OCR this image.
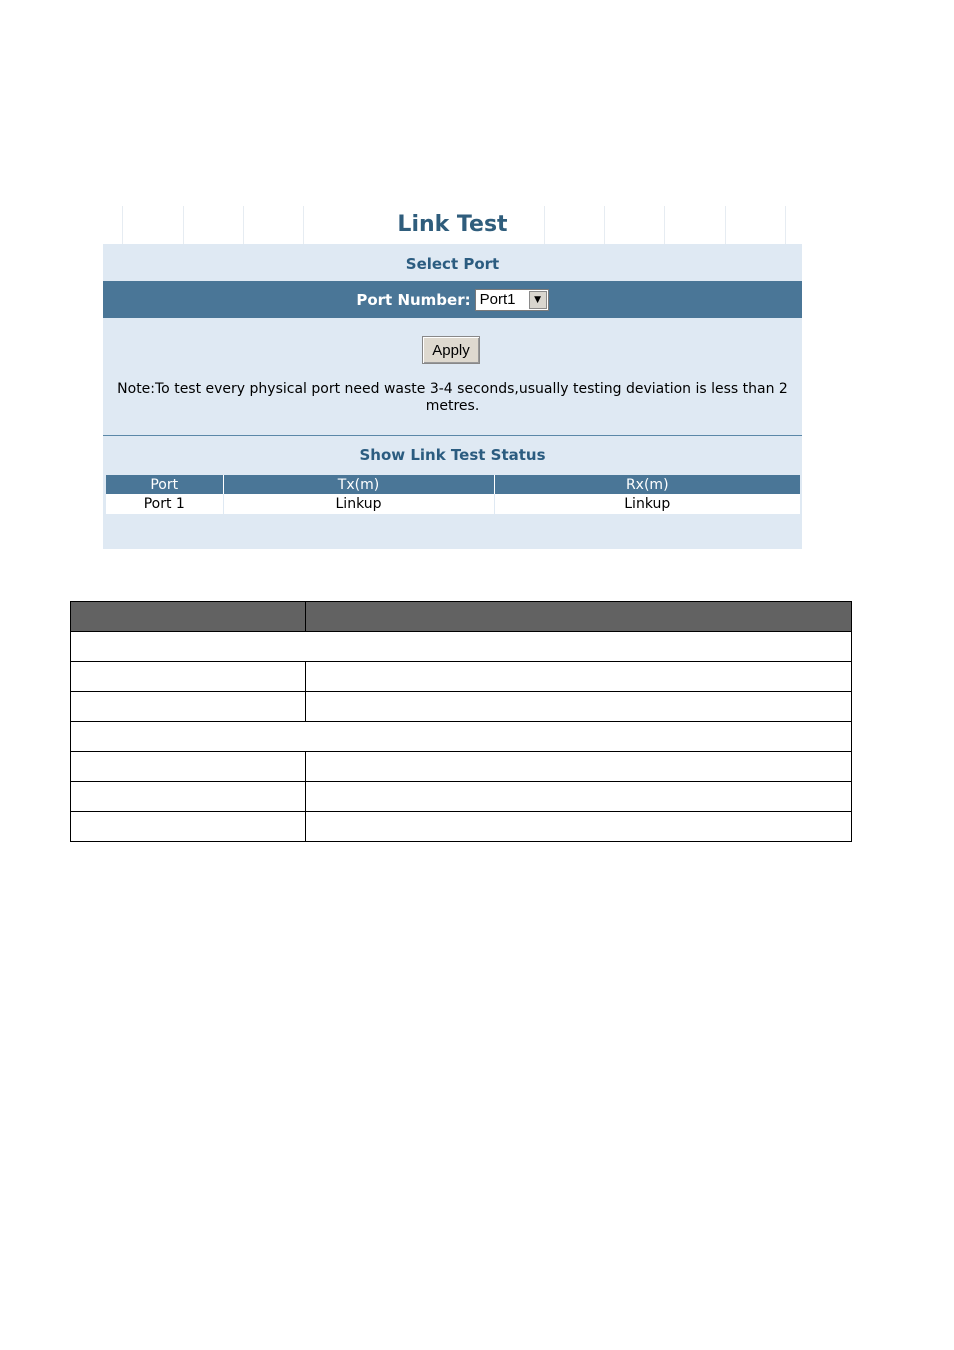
Link Test
Select Port
Port Number: Port1	▼
Apply
Note:To test every physical port need waste 3-4 seconds,usually testing deviation is less than 2 metres.
Show Link Test Status
Port	Tx(m)	Rx(m)
Port 1	Linkup	Linkup
